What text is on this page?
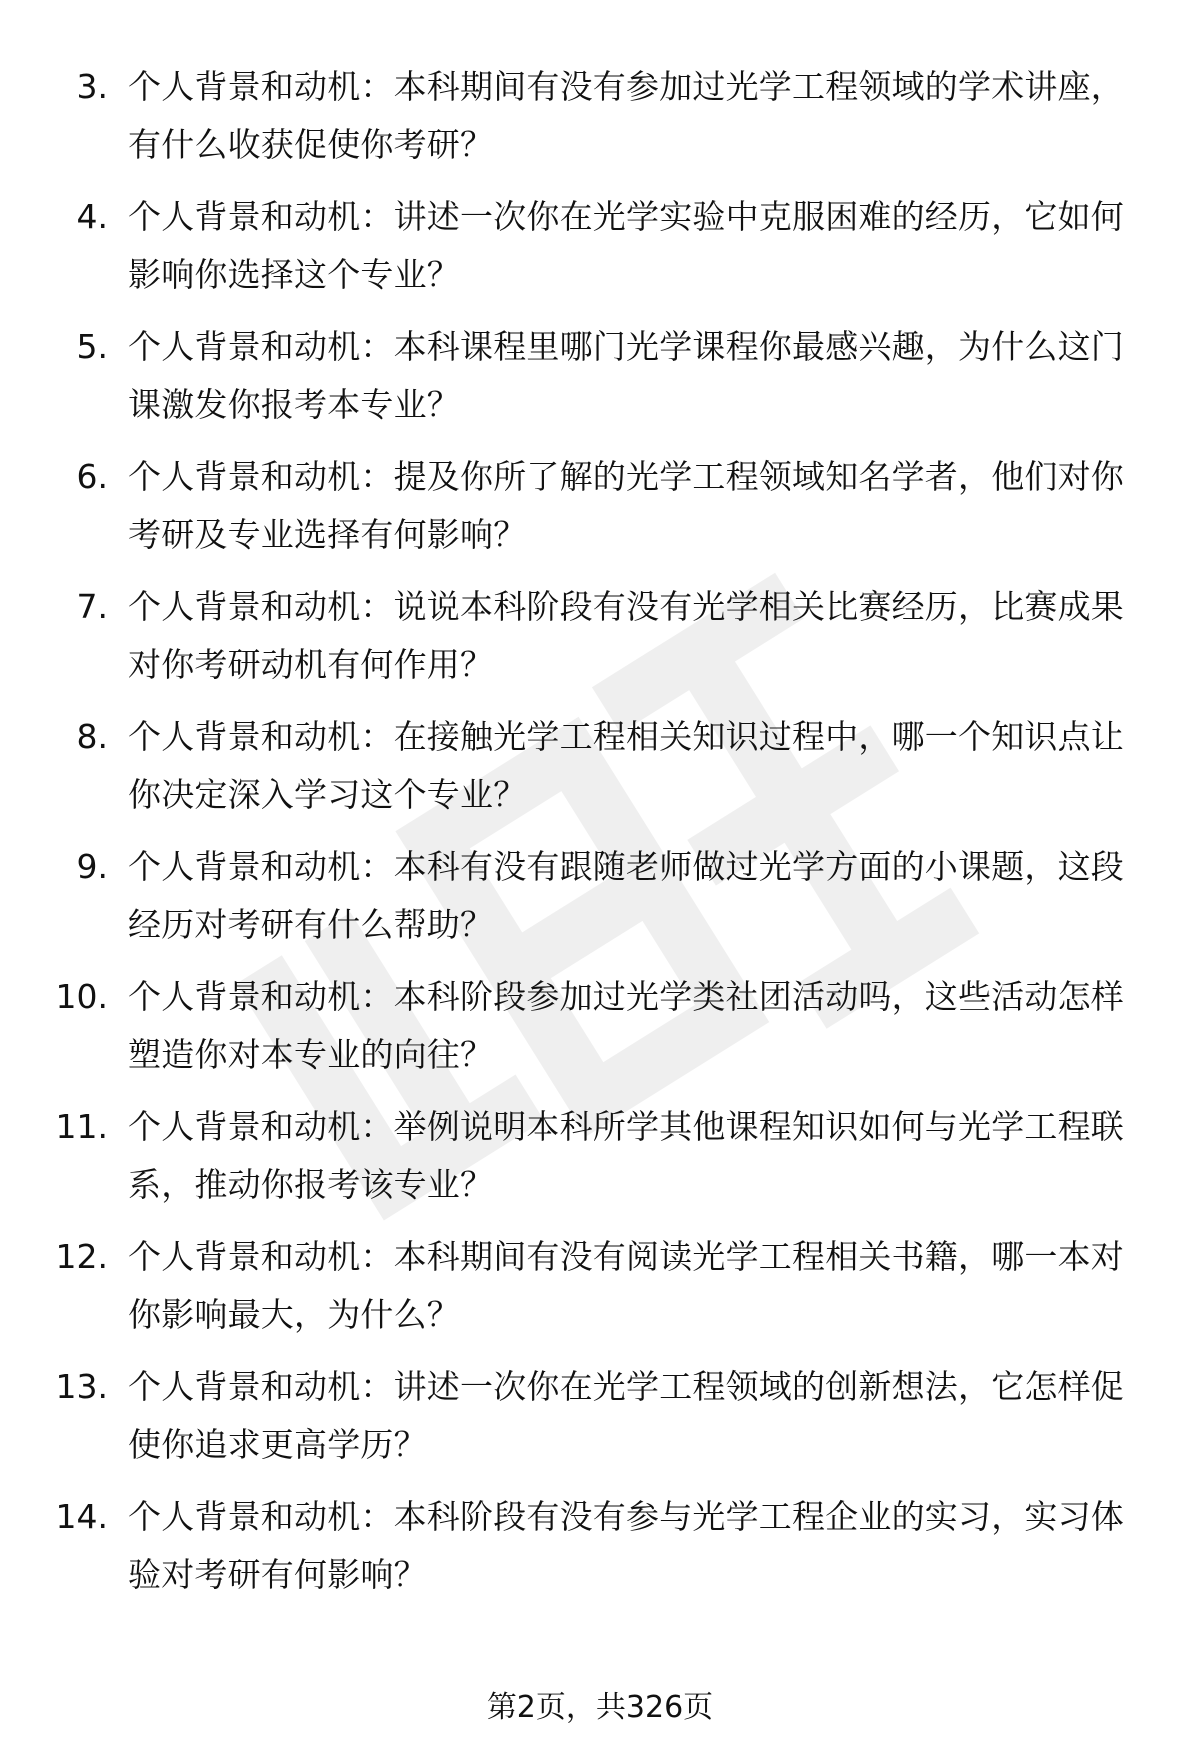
3. 个人背景和动机：本科期间有没有参加过光学工程领域的学术讲座，有什么收获促使你考研？
4. 个人背景和动机：讲述一次你在光学实验中克服困难的经历，它如何影响你选择这个专业？
5. 个人背景和动机：本科课程里哪门光学课程你最感兴趣，为什么这门课激发你报考本专业？
6. 个人背景和动机：提及你所了解的光学工程领域知名学者，他们对你考研及专业选择有何影响？
7. 个人背景和动机：说说本科阶段有没有光学相关比赛经历，比赛成果对你考研动机有何作用？
8. 个人背景和动机：在接触光学工程相关知识过程中，哪一个知识点让你决定深入学习这个专业？
9. 个人背景和动机：本科有没有跟随老师做过光学方面的小课题，这段经历对考研有什么帮助？
10. 个人背景和动机：本科阶段参加过光学类社团活动吗，这些活动怎样塑造你对本专业的向往？
11. 个人背景和动机：举例说明本科所学其他课程知识如何与光学工程联系，推动你报考该专业？
12. 个人背景和动机：本科期间有没有阅读光学工程相关书籍，哪一本对你影响最大，为什么？
13. 个人背景和动机：讲述一次你在光学工程领域的创新想法，它怎样促使你追求更高学历？
14. 个人背景和动机：本科阶段有没有参与光学工程企业的实习，实习体验对考研有何影响？
第2页，共326页
